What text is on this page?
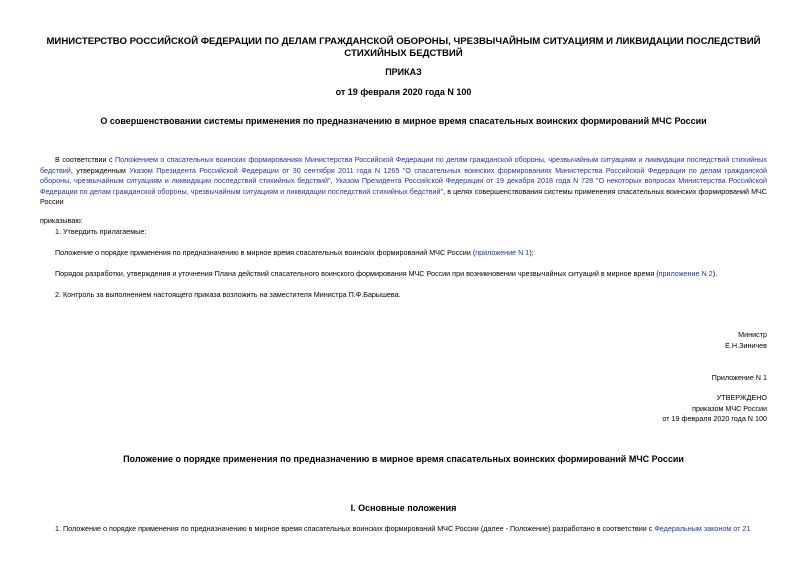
МИНИСТЕРСТВО РОССИЙСКОЙ ФЕДЕРАЦИИ ПО ДЕЛАМ ГРАЖДАНСКОЙ ОБОРОНЫ, ЧРЕЗВЫЧАЙНЫМ СИТУАЦИЯМ И ЛИКВИДАЦИИ ПОСЛЕДСТВИЙ СТИХИЙНЫХ БЕДСТВИЙ
ПРИКАЗ
от 19 февраля 2020 года N 100
О совершенствовании системы применения по предназначению в мирное время спасательных воинских формирований МЧС России
В соответствии с Положением о спасательных воинских формированиях Министерства Российской Федерации по делам гражданской обороны, чрезвычайным ситуациям и ликвидации последствий стихийных бедствий, утвержденным Указом Президента Российской Федерации от 30 сентября 2011 года N 1265 "О спасательных воинских формированиях Министерства Российской Федерации по делам гражданской обороны, чрезвычайным ситуациям и ликвидации последствий стихийных бедствий", Указом Президента Российской Федерации от 19 декабря 2018 года N 728 "О некоторых вопросах Министерства Российской Федерации по делам гражданской обороны, чрезвычайным ситуациям и ликвидации последствий стихийных бедствий", в целях совершенствования системы применения спасательных воинских формирований МЧС России
приказываю:
1. Утвердить прилагаемые:
Положение о порядке применения по предназначению в мирное время спасательных воинских формирований МЧС России (приложение N 1);
Порядок разработки, утверждения и уточнения Плана действий спасательного воинского формирования МЧС России при возникновении чрезвычайных ситуаций в мирное время (приложение N 2).
2. Контроль за выполнением настоящего приказа возложить на заместителя Министра П.Ф.Барышева.
Министр
Е.Н.Зиничев
Приложение N 1
УТВЕРЖДЕНО
приказом МЧС России
от 19 февраля 2020 года N 100
Положение о порядке применения по предназначению в мирное время спасательных воинских формирований МЧС России
I. Основные положения
1. Положение о порядке применения по предназначению в мирное время спасательных воинских формирований МЧС России (далее - Положение) разработано в соответствии с Федеральным законом от 21
